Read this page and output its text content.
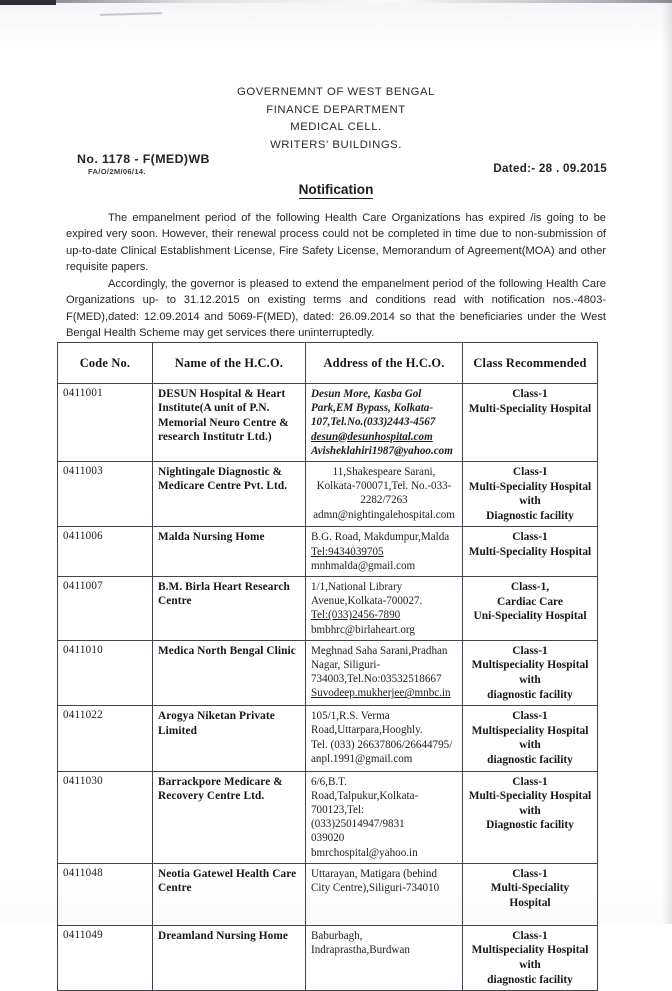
GOVERNEMNT OF WEST BENGAL
FINANCE DEPARTMENT
MEDICAL CELL.
WRITERS' BUILDINGS.
No. 1178 - F(MED)WB
FA/O/2M/06/14.	Dated:- 28 . 09.2015
Notification
The empanelment period of the following Health Care Organizations has expired /is going to be expired very soon. However, their renewal process could not be completed in time due to non-submission of up-to-date Clinical Establishment License, Fire Safety License, Memorandum of Agreement(MOA) and other requisite papers.
Accordingly, the governor is pleased to extend the empanelment period of the following Health Care Organizations up- to 31.12.2015 on existing terms and conditions read with notification nos.-4803-F(MED),dated: 12.09.2014 and 5069-F(MED), dated: 26.09.2014 so that the beneficiaries under the West Bengal Health Scheme may get services there uninterruptedly.
Code No.	Name of the H.C.O.	Address of the H.C.O.	Class Recommended
0411001	DESUN Hospital & Heart Institute(A unit of P.N. Memorial Neuro Centre & research Institutr Ltd.)	Desun More, Kasba Gol
Park,EM Bypass, Kolkata-
107,Tel.No.(033)2443-4567
desun@desunhospital.com
Avisheklahiri1987@yahoo.com	Class-1
Multi-Speciality Hospital

0411003	Nightingale Diagnostic & Medicare Centre Pvt. Ltd.	11,Shakespeare Sarani,
Kolkata-700071,Tel. No.-033-
2282/7263
admn@nightingalehospital.com	Class-I
Multi-Speciality Hospital
with
Diagnostic facility

0411006	Malda Nursing Home	B.G. Road, Makdumpur,Malda
Tel:9434039705
mnhmalda@gmail.com	Class-1
Multi-Speciality Hospital

0411007	B.M. Birla Heart Research Centre	1/1,National Library
Avenue,Kolkata-700027.
Tel:(033)2456-7890
bmbhrc@birlaheart.org	Class-1,
Cardiac Care
Uni-Speciality Hospital

0411010	Medica North Bengal Clinic	Meghnad Saha Sarani,Pradhan
Nagar, Siliguri-
734003,Tel.No:03532518667
Suvodeep.mukherjee@mnbc.in	Class-1
Multispeciality Hospital
with
diagnostic facility

0411022	Arogya Niketan Private Limited	105/1,R.S. Verma
Road,Uttarpara,Hooghly.
Tel. (033) 26637806/26644795/
anpl.1991@gmail.com	Class-1
Multispeciality Hospital
with
diagnostic facility

0411030	Barrackpore Medicare & Recovery Centre Ltd.	6/6,B.T.
Road,Talpukur,Kolkata-
700123,Tel:(033)25014947/9831
039020
bmrchospital@yahoo.in	Class-1
Multi-Speciality Hospital
with
Diagnostic facility

0411048	Neotia Gatewel Health Care Centre	Uttarayan, Matigara (behind
City Centre),Siliguri-734010	Class-1
Multi-Speciality
Hospital

0411049	Dreamland Nursing Home	Baburbagh,
Indraprastha,Burdwan	Class-1
Multispeciality Hospital
with
diagnostic facility
